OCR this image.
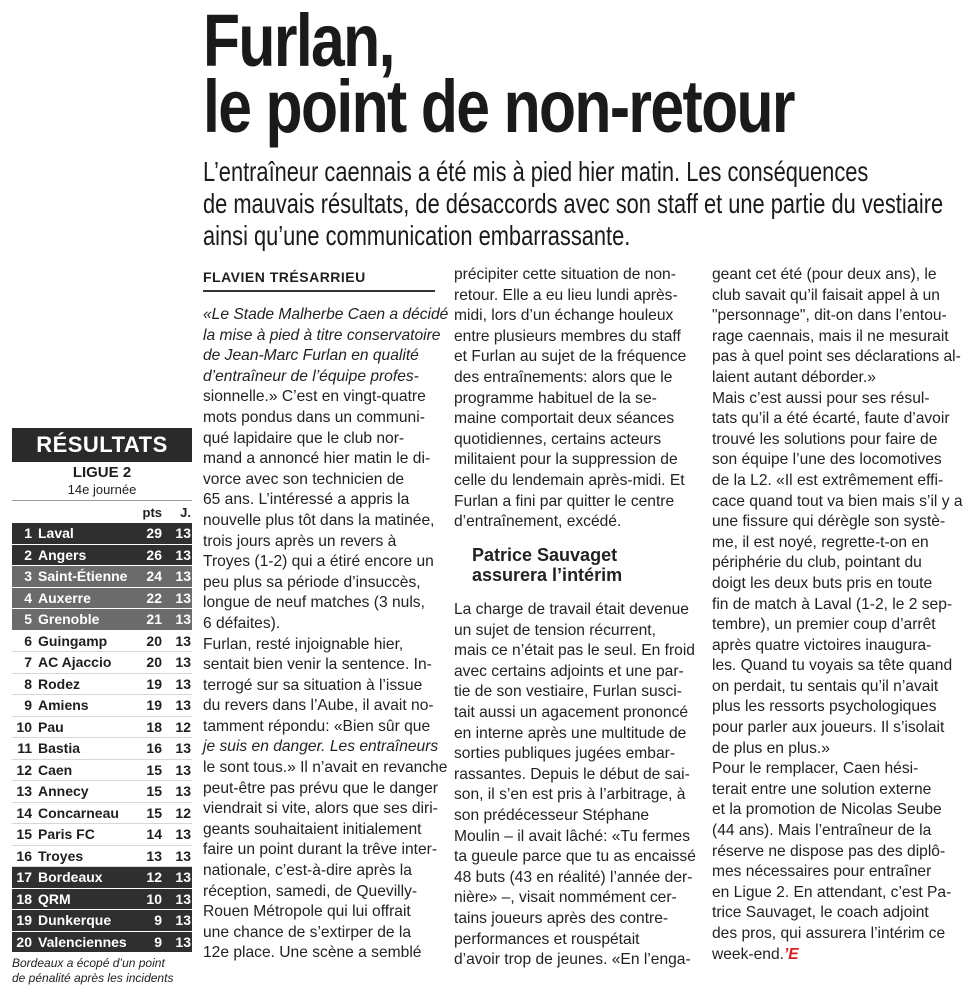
Furlan,
le point de non-retour
L’entraîneur caennais a été mis à pied hier matin. Les conséquences
de mauvais résultats, de désaccords avec son staff et une partie du vestiaire
ainsi qu’une communication embarrassante.
FLAVIEN TRÉSARRIEU
RÉSULTATS
LIGUE 2
14e journée
pts	J.
1 Laval	29 13
2 Angers	26 13
3 Saint-Étienne	24 13
4 Auxerre	22 13
5 Grenoble	21 13
6 Guingamp	20 13
7 AC Ajaccio	20 13
8 Rodez	19 13
9 Amiens	19 13
10 Pau	18 12
11 Bastia	16 13
12 Caen	15 13
13 Annecy	15 13
14 Concarneau	15 12
15 Paris FC	14 13
16 Troyes	13 13
17 Bordeaux	12 13
18 QRM	10 13
19 Dunkerque	9 13
20 Valenciennes	9 13
Bordeaux a écopé d’un point
de pénalité après les incidents

«Le Stade Malherbe Caen a décidé

la mise à pied à titre conservatoire

de Jean-Marc Furlan en qualité

d’entraîneur de l’équipe profes-

sionnelle.» C’est en vingt-quatre

mots pondus dans un communi-

qué lapidaire que le club nor-

mand a annoncé hier matin le di-

vorce avec son technicien de

65 ans. L’intéressé a appris la

nouvelle plus tôt dans la matinée,

trois jours après un revers à

Troyes (1-2) qui a étiré encore un

peu plus sa période d’insuccès,

longue de neuf matches (3 nuls,

6 défaites).

Furlan, resté injoignable hier,

sentait bien venir la sentence. In-

terrogé sur sa situation à l’issue

du revers dans l’Aube, il avait no-

tamment répondu: «Bien sûr que

je suis en danger. Les entraîneurs

le sont tous.» Il n’avait en revanche

peut-être pas prévu que le danger

viendrait si vite, alors que ses diri-

geants souhaitaient initialement

faire un point durant la trêve inter-

nationale, c’est-à-dire après la

réception, samedi, de Quevilly-

Rouen Métropole qui lui offrait

une chance de s’extirper de la

12e place. Une scène a semblé

précipiter cette situation de non-

retour. Elle a eu lieu lundi après-

midi, lors d’un échange houleux

entre plusieurs membres du staff

et Furlan au sujet de la fréquence

des entraînements: alors que le

programme habituel de la se-

maine comportait deux séances

quotidiennes, certains acteurs

militaient pour la suppression de

celle du lendemain après-midi. Et

Furlan a fini par quitter le centre

d’entraînement, excédé.

Patrice Sauvaget
assurera l’intérim

La charge de travail était devenue

un sujet de tension récurrent,

mais ce n’était pas le seul. En froid

avec certains adjoints et une par-

tie de son vestiaire, Furlan susci-

tait aussi un agacement prononcé

en interne après une multitude de

sorties publiques jugées embar-

rassantes. Depuis le début de sai-

son, il s’en est pris à l’arbitrage, à

son prédécesseur Stéphane

Moulin – il avait lâché: «Tu fermes

ta gueule parce que tu as encaissé

48 buts (43 en réalité) l’année der-

nière» –, visait nommément cer-

tains joueurs après des contre-

performances et rouspétait

d’avoir trop de jeunes. «En l’enga-

geant cet été (pour deux ans), le

club savait qu’il faisait appel à un

"personnage", dit-on dans l’entou-

rage caennais, mais il ne mesurait

pas à quel point ses déclarations al-

laient autant déborder.»

Mais c’est aussi pour ses résul-

tats qu’il a été écarté, faute d’avoir

trouvé les solutions pour faire de

son équipe l’une des locomotives

de la L2. «Il est extrêmement effi-

cace quand tout va bien mais s’il y a

une fissure qui dérègle son systè-

me, il est noyé, regrette-t-on en

périphérie du club, pointant du

doigt les deux buts pris en toute

fin de match à Laval (1-2, le 2 sep-

tembre), un premier coup d’arrêt

après quatre victoires inaugura-

les. Quand tu voyais sa tête quand

on perdait, tu sentais qu’il n’avait

plus les ressorts psychologiques

pour parler aux joueurs. Il s’isolait

de plus en plus.»

Pour le remplacer, Caen hési-

terait entre une solution externe

et la promotion de Nicolas Seube

(44 ans). Mais l’entraîneur de la

réserve ne dispose pas des diplô-

mes nécessaires pour entraîner

en Ligue 2. En attendant, c’est Pa-

trice Sauvaget, le coach adjoint

des pros, qui assurera l’intérim ce

week-end.’E
